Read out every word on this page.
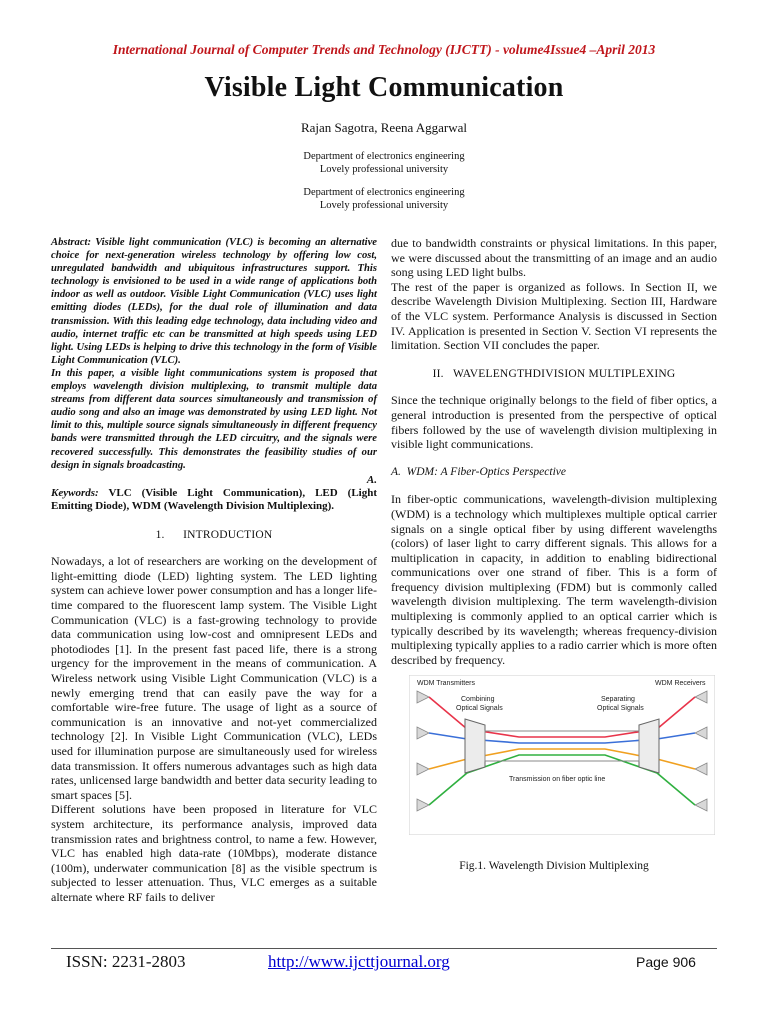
International Journal of Computer Trends and Technology (IJCTT) - volume4Issue4 –April 2013
Visible Light Communication
Rajan Sagotra, Reena Aggarwal
Department of electronics engineering
Lovely professional university
Department of electronics engineering
Lovely professional university

Abstract: Visible light communication (VLC) is becoming an alternative choice for next-generation wireless technology by offering low cost, unregulated bandwidth and ubiquitous infrastructures support. This technology is envisioned to be used in a wide range of applications both indoor as well as outdoor. Visible Light Communication (VLC) uses light emitting diodes (LEDs), for the dual role of illumination and data transmission. With this leading edge technology, data including video and audio, internet traffic etc can be transmitted at high speeds using LED light. Using LEDs is helping to drive this technology in the form of Visible Light Communication (VLC).

In this paper, a visible light communications system is proposed that employs wavelength division multiplexing, to transmit multiple data streams from different data sources simultaneously and transmission of audio song and also an image was demonstrated by using LED light. Not limit to this, multiple source signals simultaneously in different frequency bands were transmitted through the LED circuitry, and the signals were recovered successfully. This demonstrates the feasibility studies of our design in signals broadcasting.

A.
Keywords: VLC (Visible Light Communication), LED (Light Emitting Diode), WDM (Wavelength Division Multiplexing).
1.      INTRODUCTION

Nowadays, a lot of researchers are working on the development of light-emitting diode (LED) lighting system. The LED lighting system can achieve lower power consumption and has a longer life-time compared to the fluorescent lamp system. The Visible Light Communication (VLC) is a fast-growing technology to provide data communication using low-cost and omnipresent LEDs and photodiodes [1]. In the present fast paced life, there is a strong urgency for the improvement in the means of communication. A Wireless network using Visible Light Communication (VLC) is a newly emerging trend that can easily pave the way for a comfortable wire-free future. The usage of light as a source of communication is an innovative and not-yet commercialized technology [2]. In Visible Light Communication (VLC), LEDs used for illumination purpose are simultaneously used for wireless data transmission. It offers numerous advantages such as high data rates, unlicensed large bandwidth and better data security leading to smart spaces [5].

Different solutions have been proposed in literature for VLC system architecture, its performance analysis, improved data transmission rates and brightness control, to name a few. However, VLC has enabled high data-rate (10Mbps), moderate distance (100m), underwater communication [8] as the visible spectrum is subjected to lesser attenuation. Thus, VLC emerges as a suitable alternate where RF fails to deliver

due to bandwidth constraints or physical limitations. In this paper, we were discussed about the transmitting of an image and an audio song using LED light bulbs.

The rest of the paper is organized as follows. In Section II, we describe Wavelength Division Multiplexing. Section III, Hardware of the VLC system. Performance Analysis is discussed in Section IV. Application is presented in Section V. Section VI represents the limitation. Section VII concludes the paper.

II.   WAVELENGTHDIVISION MULTIPLEXING

Since the technique originally belongs to the field of fiber optics, a general introduction is presented from the perspective of optical fibers followed by the use of wavelength division multiplexing in visible light communications.

A.  WDM: A Fiber-Optics Perspective

In fiber-optic communications, wavelength-division multiplexing (WDM) is a technology which multiplexes multiple optical carrier signals on a single optical fiber by using different wavelengths (colors) of laser light to carry different signals. This allows for a multiplication in capacity, in addition to enabling bidirectional communications over one strand of fiber. This is a form of frequency division multiplexing (FDM) but is commonly called wavelength division multiplexing. The term wavelength-division multiplexing is commonly applied to an optical carrier which is typically described by its wavelength; whereas frequency-division multiplexing typically applies to a radio carrier which is more often described by frequency.

WDM Transmitters	WDM Receivers
Combining
Optical Signals
Separating
Optical Signals
Transmission on fiber optic line
Fig.1. Wavelength Division Multiplexing
ISSN: 2231-2803	http://www.ijcttjournal.org	Page 906
